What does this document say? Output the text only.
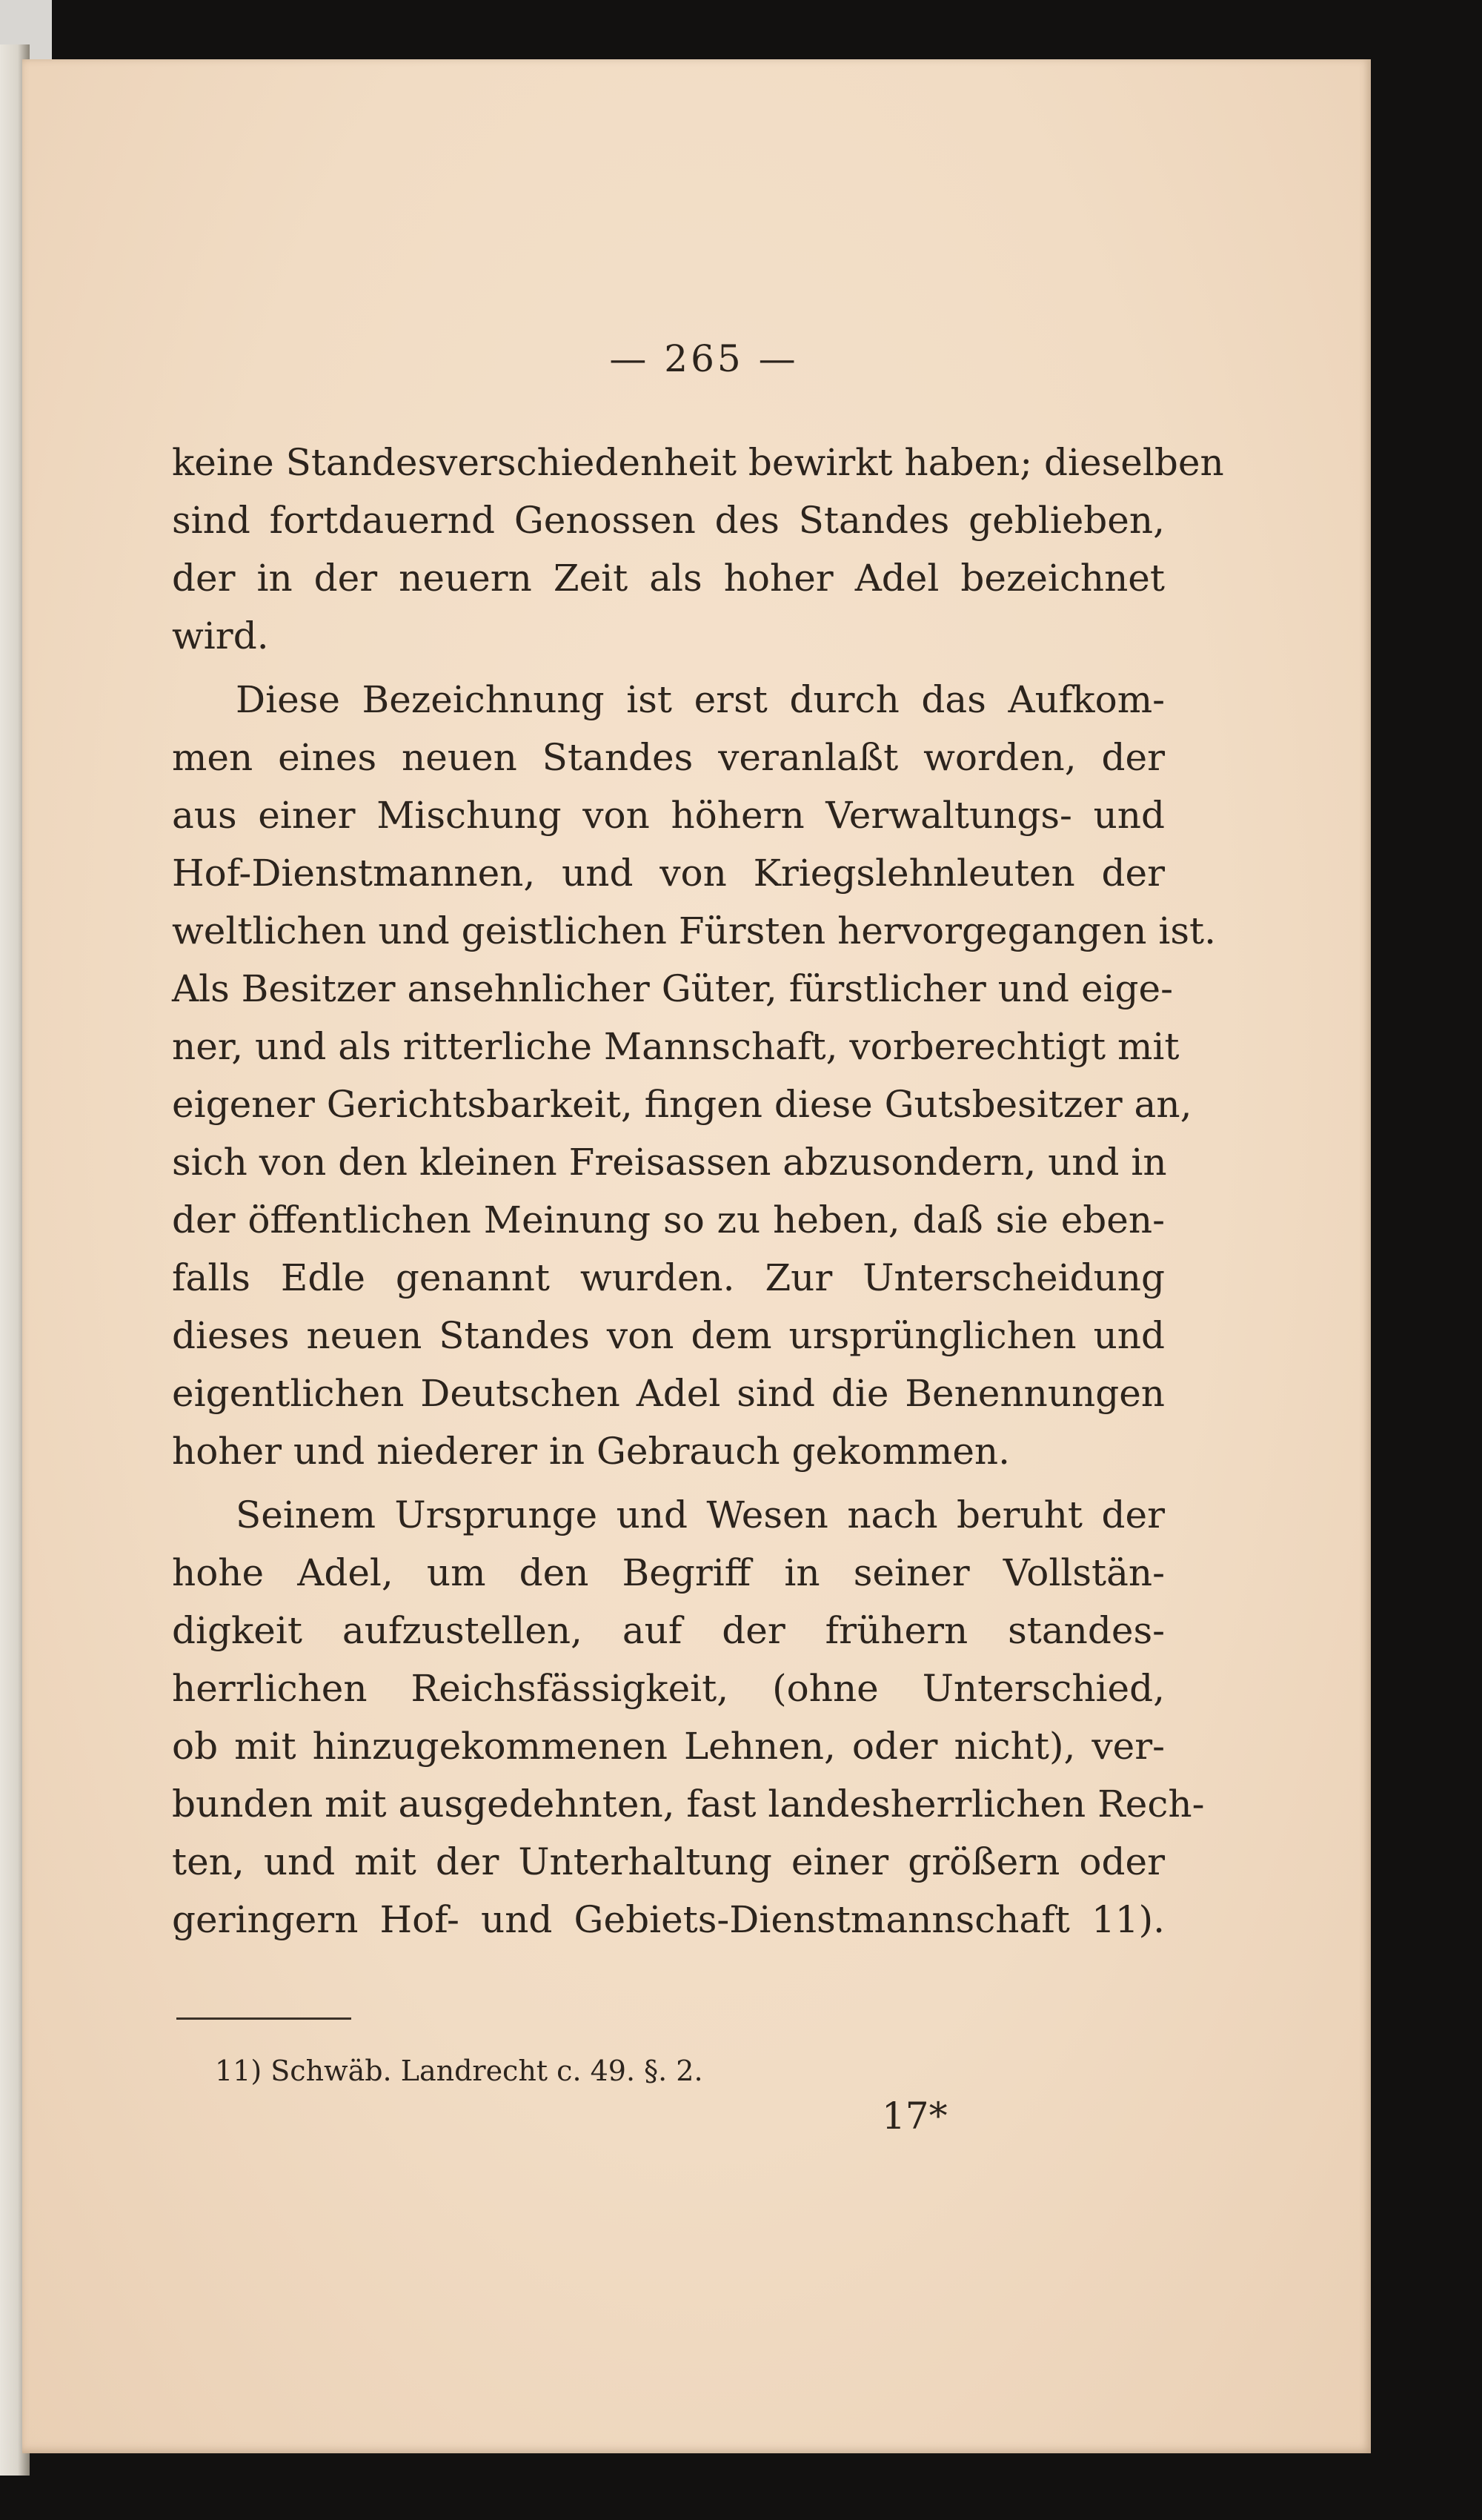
— 265 —
keine Standesverschiedenheit bewirkt haben; dieselben
sind fortdauernd Genossen des Standes geblieben,
der in der neuern Zeit als hoher Adel bezeichnet
wird.
Diese Bezeichnung ist erst durch das Aufkom-
men eines neuen Standes veranlaßt worden, der
aus einer Mischung von höhern Verwaltungs- und
Hof-Dienstmannen, und von Kriegslehnleuten der
weltlichen und geistlichen Fürsten hervorgegangen ist.
Als Besitzer ansehnlicher Güter, fürstlicher und eige-
ner, und als ritterliche Mannschaft, vorberechtigt mit
eigener Gerichtsbarkeit, fingen diese Gutsbesitzer an,
sich von den kleinen Freisassen abzusondern, und in
der öffentlichen Meinung so zu heben, daß sie eben-
falls Edle genannt wurden. Zur Unterscheidung
dieses neuen Standes von dem ursprünglichen und
eigentlichen Deutschen Adel sind die Benennungen
hoher und niederer in Gebrauch gekommen.
Seinem Ursprunge und Wesen nach beruht der
hohe Adel, um den Begriff in seiner Vollstän-
digkeit aufzustellen, auf der frühern standes-
herrlichen Reichsfässigkeit, (ohne Unterschied,
ob mit hinzugekommenen Lehnen, oder nicht), ver-
bunden mit ausgedehnten, fast landesherrlichen Rech-
ten, und mit der Unterhaltung einer größern oder
geringern Hof- und Gebiets-Dienstmannschaft 11).
11) Schwäb. Landrecht c. 49. §. 2.
17*
